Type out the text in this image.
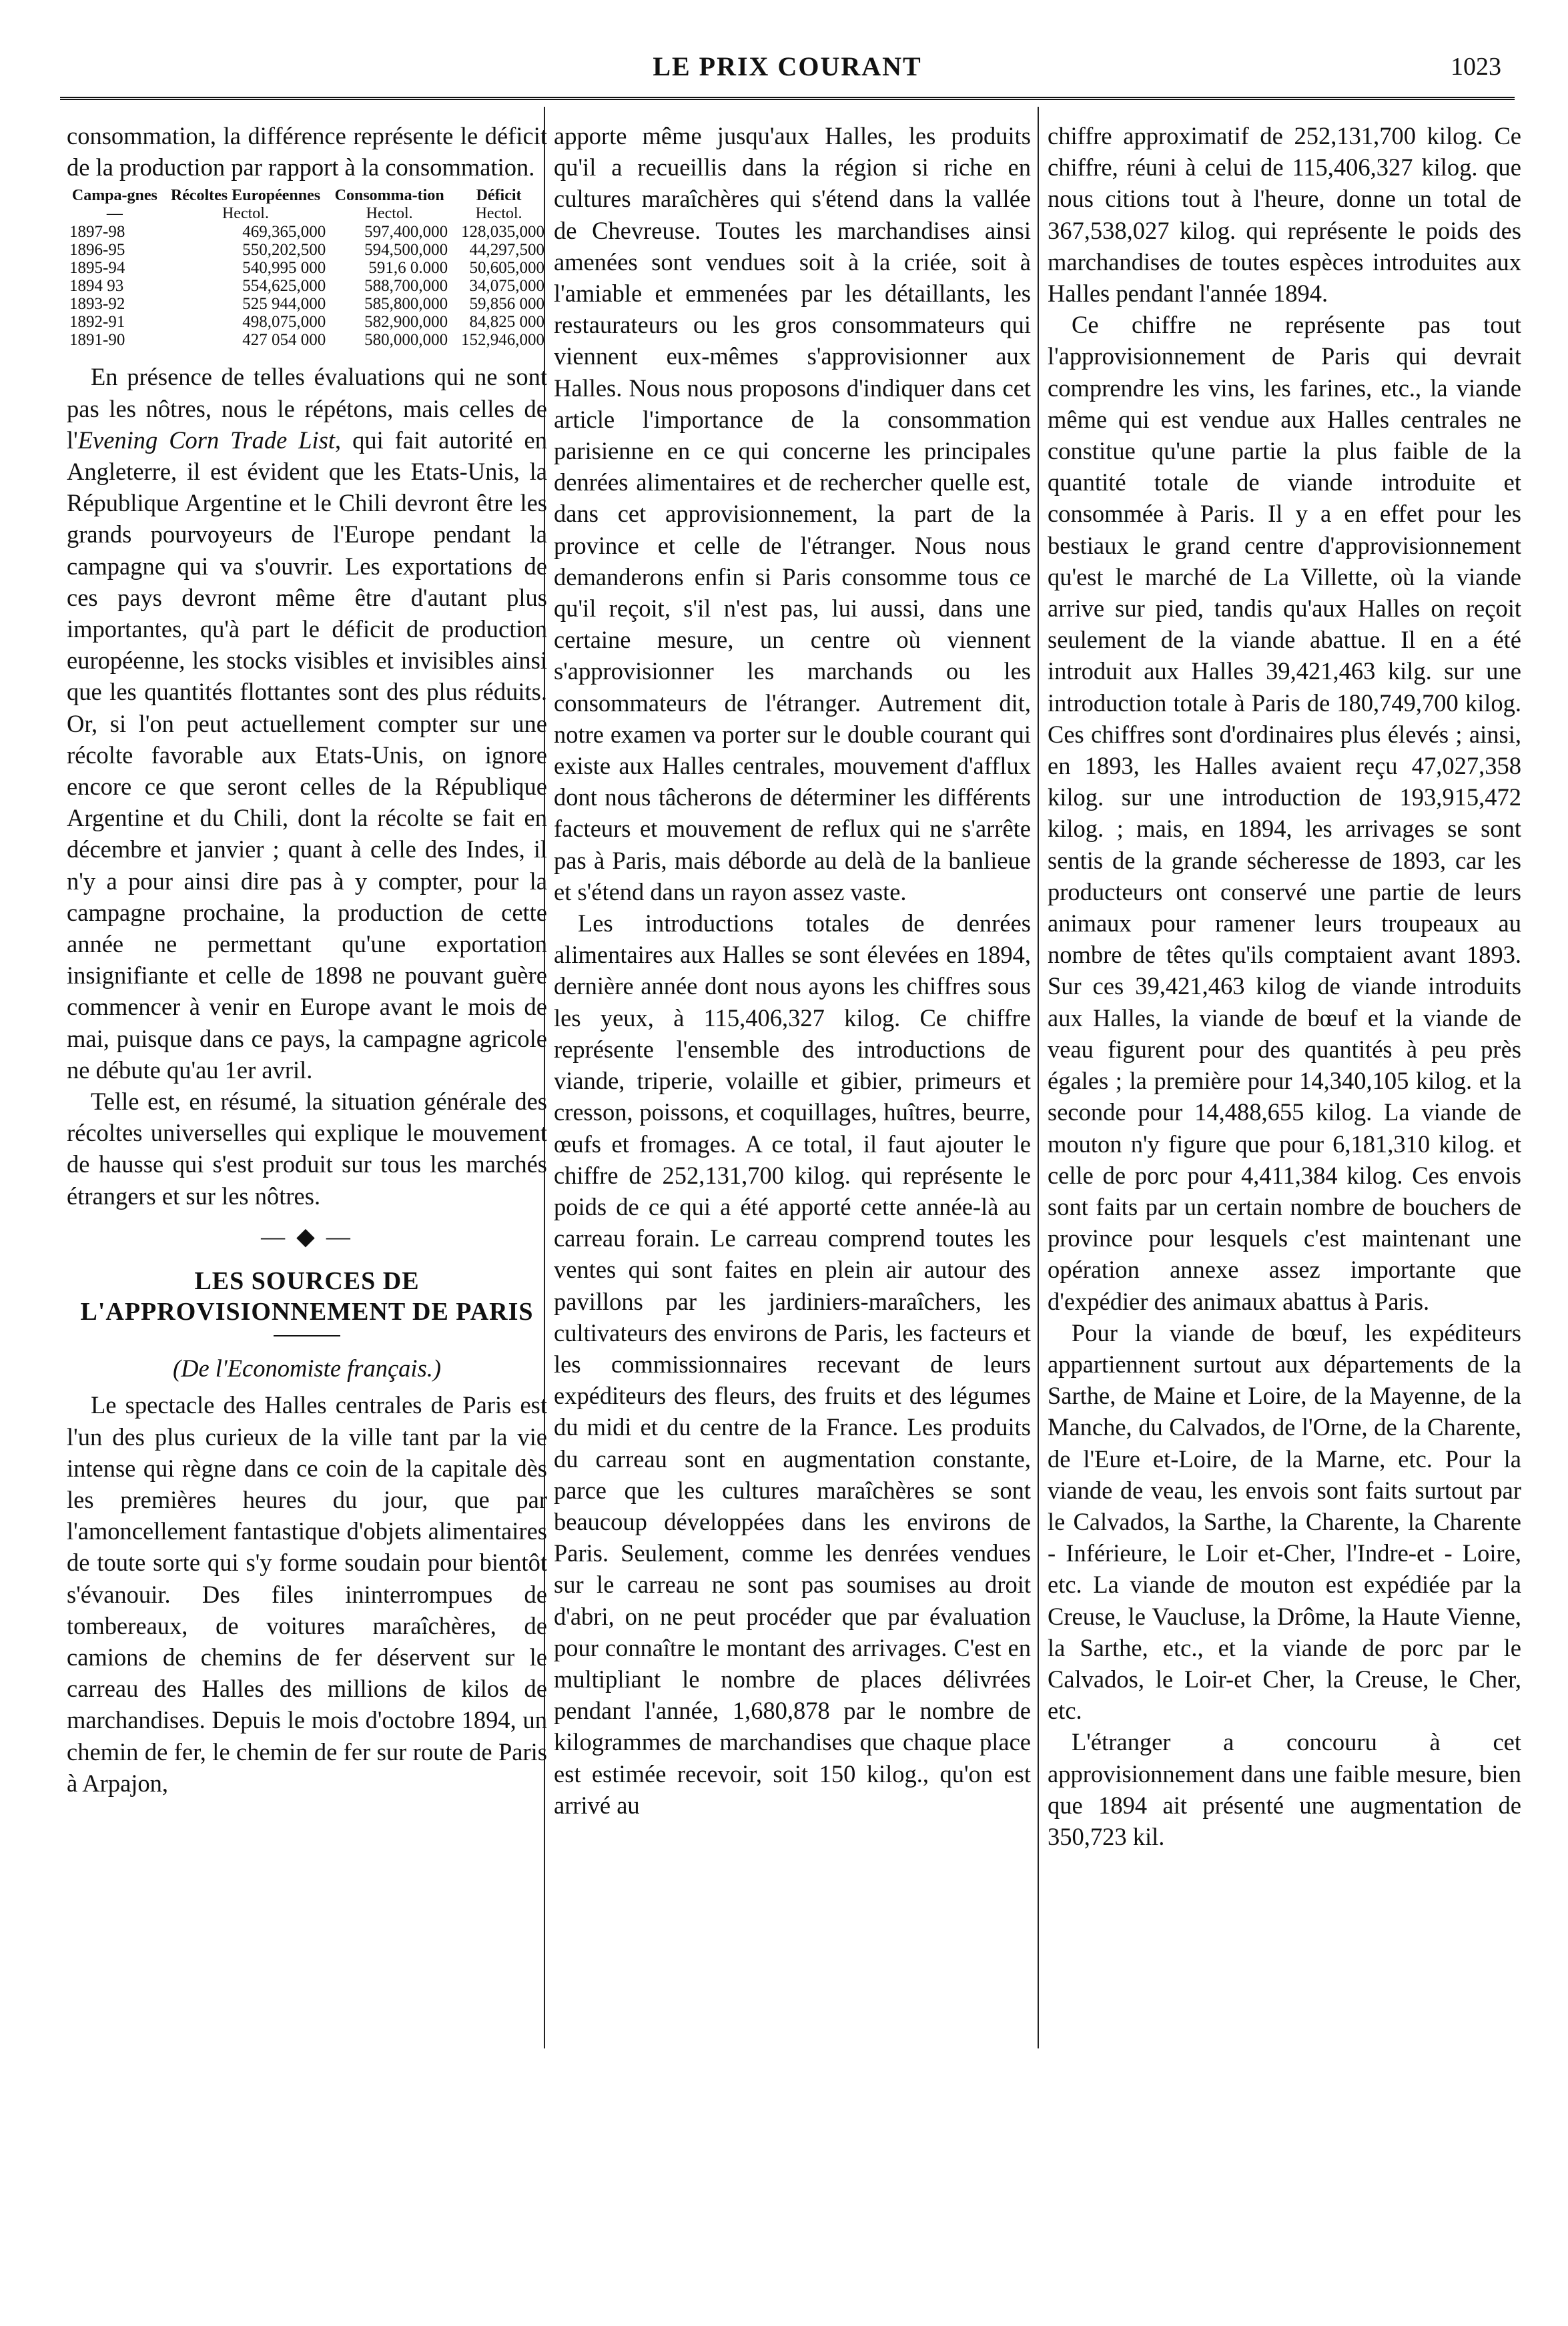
LE PRIX COURANT	1023

consommation, la différence représente le déficit de la production par rapport à la consommation.

Campa-gnes	Récoltes Européennes	Consomma-tion	Déficit
—	Hectol.	Hectol.	Hectol.
1897-98	469,365,000	597,400,000	128,035,000
1896-95	550,202,500	594,500,000	44,297,500
1895-94	540,995 000	591,6 0.000	50,605,000
1894 93	554,625,000	588,700,000	34,075,000
1893-92	525 944,000	585,800,000	59,856 000
1892-91	498,075,000	582,900,000	84,825 000
1891-90	427 054 000	580,000,000	152,946,000

En présence de telles évaluations qui ne sont pas les nôtres, nous le répétons, mais celles de l'Evening Corn Trade List, qui fait autorité en Angleterre, il est évident que les Etats-Unis, la République Argentine et le Chili devront être les grands pourvoyeurs de l'Europe pendant la campagne qui va s'ouvrir. Les exportations de ces pays devront même être d'autant plus importantes, qu'à part le déficit de production européenne, les stocks visibles et invisibles ainsi que les quantités flottantes sont des plus réduits. Or, si l'on peut actuellement compter sur une récolte favorable aux Etats-Unis, on ignore encore ce que seront celles de la République Argentine et du Chili, dont la récolte se fait en décembre et janvier ; quant à celle des Indes, il n'y a pour ainsi dire pas à y compter, pour la campagne prochaine, la production de cette année ne permettant qu'une exportation insignifiante et celle de 1898 ne pouvant guère commencer à venir en Europe avant le mois de mai, puisque dans ce pays, la campagne agricole ne débute qu'au 1er avril.

Telle est, en résumé, la situation générale des récoltes universelles qui explique le mouvement de hausse qui s'est produit sur tous les marchés étrangers et sur les nôtres.

— ◆ —
LES SOURCES DE L'APPROVISIONNEMENT DE PARIS
(De l'Economiste français.)

Le spectacle des Halles centrales de Paris est l'un des plus curieux de la ville tant par la vie intense qui règne dans ce coin de la capitale dès les premières heures du jour, que par l'amoncellement fantastique d'objets alimentaires de toute sorte qui s'y forme soudain pour bientôt s'évanouir. Des files ininterrompues de tombereaux, de voitures maraîchères, de camions de chemins de fer déservent sur le carreau des Halles des millions de kilos de marchandises. Depuis le mois d'octobre 1894, un chemin de fer, le chemin de fer sur route de Paris à Arpajon,

apporte même jusqu'aux Halles, les produits qu'il a recueillis dans la région si riche en cultures maraîchères qui s'étend dans la vallée de Chevreuse. Toutes les marchandises ainsi amenées sont vendues soit à la criée, soit à l'amiable et emmenées par les détaillants, les restaurateurs ou les gros consommateurs qui viennent eux-mêmes s'approvisionner aux Halles. Nous nous proposons d'indiquer dans cet article l'importance de la consommation parisienne en ce qui concerne les principales denrées alimentaires et de rechercher quelle est, dans cet approvisionnement, la part de la province et celle de l'étranger. Nous nous demanderons enfin si Paris consomme tous ce qu'il reçoit, s'il n'est pas, lui aussi, dans une certaine mesure, un centre où viennent s'approvisionner les marchands ou les consommateurs de l'étranger. Autrement dit, notre examen va porter sur le double courant qui existe aux Halles centrales, mouvement d'afflux dont nous tâcherons de déterminer les différents facteurs et mouvement de reflux qui ne s'arrête pas à Paris, mais déborde au delà de la banlieue et s'étend dans un rayon assez vaste.

Les introductions totales de denrées alimentaires aux Halles se sont élevées en 1894, dernière année dont nous ayons les chiffres sous les yeux, à 115,406,327 kilog. Ce chiffre représente l'ensemble des introductions de viande, triperie, volaille et gibier, primeurs et cresson, poissons, et coquillages, huîtres, beurre, œufs et fromages. A ce total, il faut ajouter le chiffre de 252,131,700 kilog. qui représente le poids de ce qui a été apporté cette année-là au carreau forain. Le carreau comprend toutes les ventes qui sont faites en plein air autour des pavillons par les jardiniers-maraîchers, les cultivateurs des environs de Paris, les facteurs et les commissionnaires recevant de leurs expéditeurs des fleurs, des fruits et des légumes du midi et du centre de la France. Les produits du carreau sont en augmentation constante, parce que les cultures maraîchères se sont beaucoup développées dans les environs de Paris. Seulement, comme les denrées vendues sur le carreau ne sont pas soumises au droit d'abri, on ne peut procéder que par évaluation pour connaître le montant des arrivages. C'est en multipliant le nombre de places délivrées pendant l'année, 1,680,878 par le nombre de kilogrammes de marchandises que chaque place est estimée recevoir, soit 150 kilog., qu'on est arrivé au

chiffre approximatif de 252,131,700 kilog. Ce chiffre, réuni à celui de 115,406,327 kilog. que nous citions tout à l'heure, donne un total de 367,538,027 kilog. qui représente le poids des marchandises de toutes espèces introduites aux Halles pendant l'année 1894.

Ce chiffre ne représente pas tout l'approvisionnement de Paris qui devrait comprendre les vins, les farines, etc., la viande même qui est vendue aux Halles centrales ne constitue qu'une partie la plus faible de la quantité totale de viande introduite et consommée à Paris. Il y a en effet pour les bestiaux le grand centre d'approvisionnement qu'est le marché de La Villette, où la viande arrive sur pied, tandis qu'aux Halles on reçoit seulement de la viande abattue. Il en a été introduit aux Halles 39,421,463 kilg. sur une introduction totale à Paris de 180,749,700 kilog. Ces chiffres sont d'ordinaires plus élevés ; ainsi, en 1893, les Halles avaient reçu 47,027,358 kilog. sur une introduction de 193,915,472 kilog. ; mais, en 1894, les arrivages se sont sentis de la grande sécheresse de 1893, car les producteurs ont conservé une partie de leurs animaux pour ramener leurs troupeaux au nombre de têtes qu'ils comptaient avant 1893. Sur ces 39,421,463 kilog de viande introduits aux Halles, la viande de bœuf et la viande de veau figurent pour des quantités à peu près égales ; la première pour 14,340,105 kilog. et la seconde pour 14,488,655 kilog. La viande de mouton n'y figure que pour 6,181,310 kilog. et celle de porc pour 4,411,384 kilog. Ces envois sont faits par un certain nombre de bouchers de province pour lesquels c'est maintenant une opération annexe assez importante que d'expédier des animaux abattus à Paris.

Pour la viande de bœuf, les expéditeurs appartiennent surtout aux départements de la Sarthe, de Maine et Loire, de la Mayenne, de la Manche, du Calvados, de l'Orne, de la Charente, de l'Eure et-Loire, de la Marne, etc. Pour la viande de veau, les envois sont faits surtout par le Calvados, la Sarthe, la Charente, la Charente - Inférieure, le Loir et-Cher, l'Indre-et - Loire, etc. La viande de mouton est expédiée par la Creuse, le Vaucluse, la Drôme, la Haute Vienne, la Sarthe, etc., et la viande de porc par le Calvados, le Loir-et Cher, la Creuse, le Cher, etc.

L'étranger a concouru à cet approvisionnement dans une faible mesure, bien que 1894 ait présenté une augmentation de 350,723 kil.
